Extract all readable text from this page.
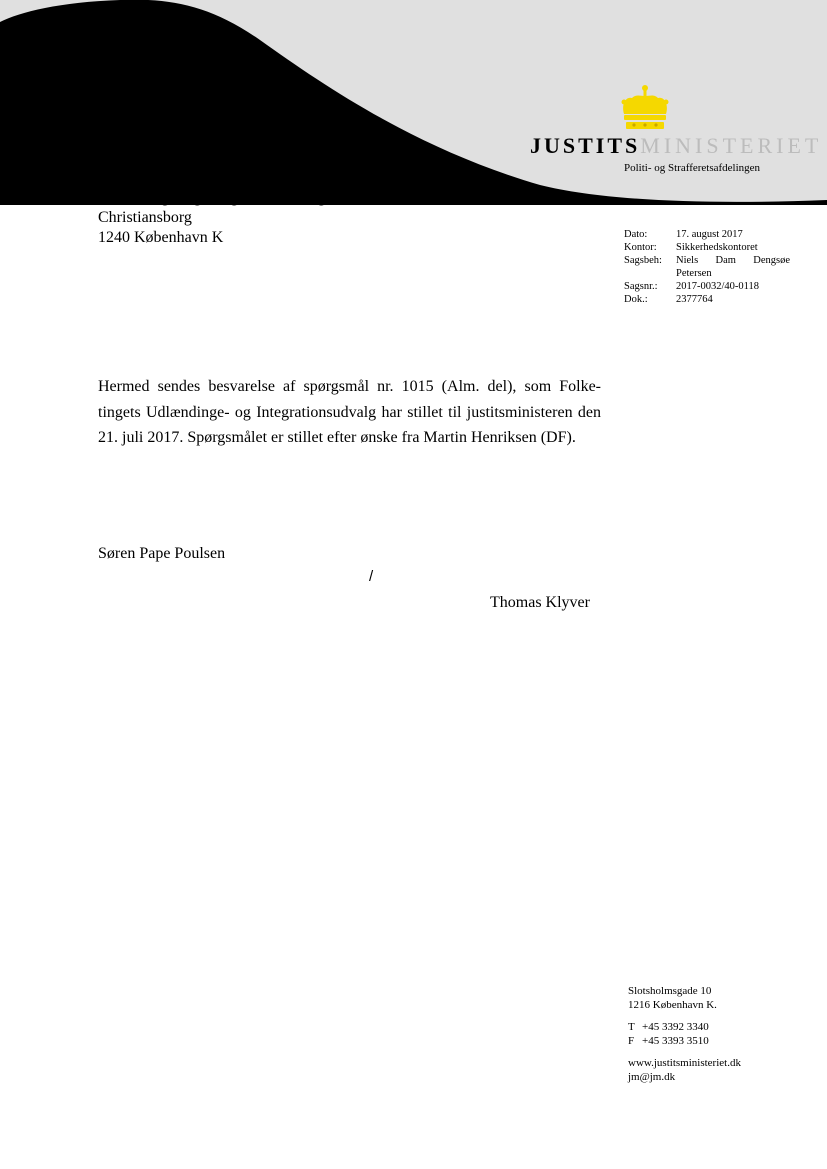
JUSTITSMINISTERIET
Politi- og Strafferetsafdelingen
Udlændinge- og Integrationsudvalget
Christiansborg
1240 København K	Dato:	17. august 2017
Kontor:	Sikkerhedskontoret
Sagsbeh:	Niels Dam Dengsøe
Petersen
Sagsnr.:	2017-0032/40-0118
Dok.:	2377764
Hermed sendes besvarelse af spørgsmål nr. 1015 (Alm. del), som Folke-tingets Udlændinge- og Integrationsudvalg har stillet til justitsministeren den 21. juli 2017. Spørgsmålet er stillet efter ønske fra Martin Henriksen (DF).
Søren Pape Poulsen
/
Thomas Klyver
Slotsholmsgade 10
1216 København K.
T +45 3392 3340
F +45 3393 3510
www.justitsministeriet.dk
jm@jm.dk
